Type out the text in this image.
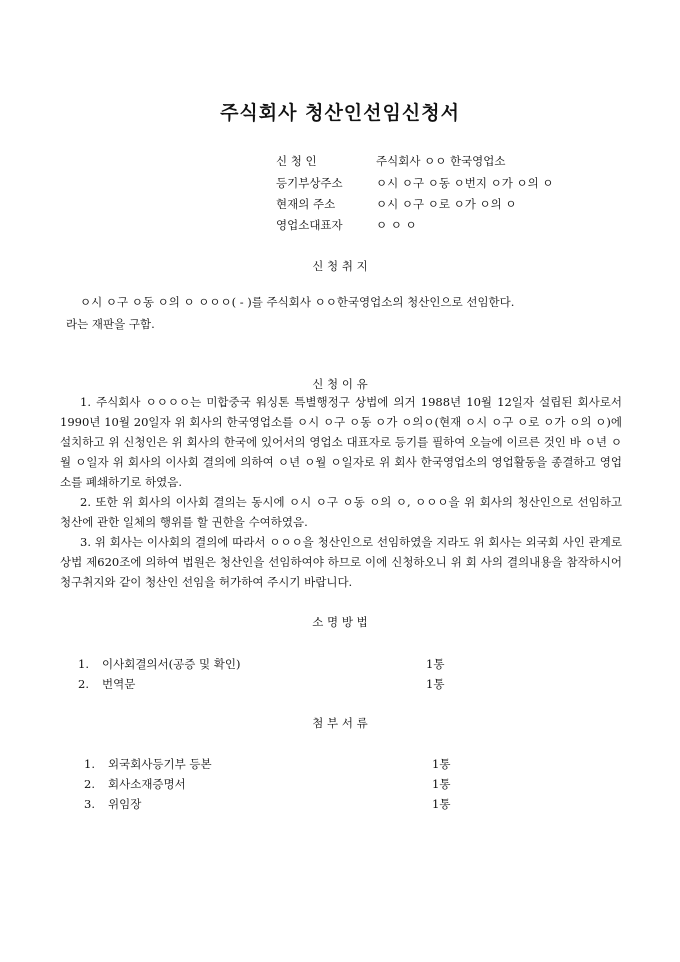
주식회사 청산인선임신청서
신 청 인	주식회사 ㅇㅇ 한국영업소
등기부상주소	ㅇ시 ㅇ구 ㅇ동 ㅇ번지 ㅇ가 ㅇ의 ㅇ
현재의 주소	ㅇ시 ㅇ구 ㅇ로 ㅇ가 ㅇ의 ㅇ
영업소대표자	ㅇ ㅇ ㅇ
신 청 취 지

ㅇ시 ㅇ구 ㅇ동 ㅇ의 ㅇ ㅇㅇㅇ( - )를 주식회사 ㅇㅇ한국영업소의 청산인으로 선임한다.

라는 재판을 구함.

신 청 이 유

1. 주식회사 ㅇㅇㅇㅇ는 미합중국 워싱톤 특별행정구 상법에 의거 1988년 10월 12일자 설립된 회사로서 1990년 10월 20일자 위 회사의 한국영업소를 ㅇ시 ㅇ구 ㅇ동 ㅇ가 ㅇ의ㅇ(현재 ㅇ시 ㅇ구 ㅇ로 ㅇ가 ㅇ의 ㅇ)에 설치하고 위 신청인은 위 회사의 한국에 있어서의 영업소 대표자로 등기를 필하여 오늘에 이르른 것인 바 ㅇ년 ㅇ월 ㅇ일자 위 회사의 이사회 결의에 의하여 ㅇ년 ㅇ월 ㅇ일자로 위 회사 한국영업소의 영업활동을 종결하고 영업소를 폐쇄하기로 하였음.

2. 또한 위 회사의 이사회 결의는 동시에 ㅇ시 ㅇ구 ㅇ동 ㅇ의 ㅇ, ㅇㅇㅇ을 위 회사의 청산인으로 선임하고 청산에 관한 일체의 행위를 할 권한을 수여하였음.

3. 위 회사는 이사회의 결의에 따라서 ㅇㅇㅇ을 청산인으로 선임하였을 지라도 위 회사는 외국회 사인 관계로 상법 제620조에 의하여 법원은 청산인을 선임하여야 하므로 이에 신청하오니 위 회 사의 결의내용을 참작하시어 청구취지와 같이 청산인 선임을 허가하여 주시기 바랍니다.

소 명 방 법
1. 이사회결의서(공증 및 확인)	1통
2. 번역문	1통
첨 부 서 류
1. 외국회사등기부 등본	1통
2. 회사소재증명서	1통
3. 위임장	1통
